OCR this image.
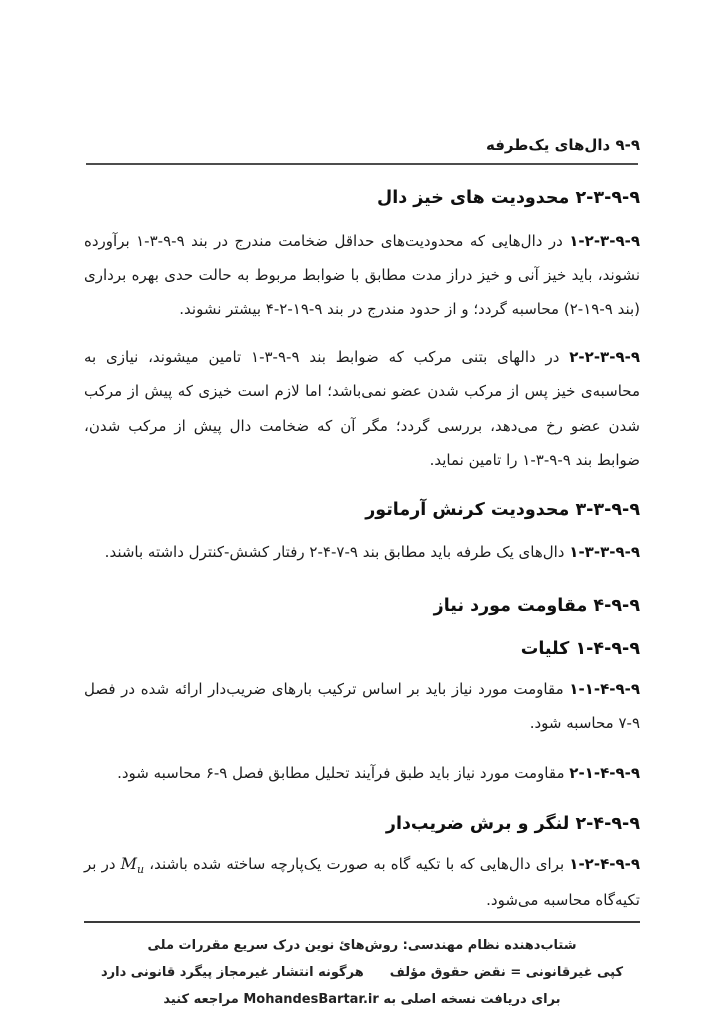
۹-‏۹ دال‌های یک‌طرفه
۹-‏۹-‏۳-‏۲ محدودیت های خیز دال

۹-‏۹-‏۳-‏۲-‏۱ در دال‌هایی که محدودیت‌های حداقل ضخامت مندرج در بند ۹-‏۹-‏۳-‏۱ برآورده نشوند، باید خیز آنی و خیز دراز مدت مطابق با ضوابط مربوط به حالت حدی بهره برداری (بند ۹-‏۱۹-‏۲) محاسبه گردد؛ و از حدود مندرج در بند ۹-‏۱۹-‏۲-‏۴ بیشتر نشوند.

۹-‏۹-‏۳-‏۲-‏۲ در دالهای بتنی مرکب که ضوابط بند ۹-‏۹-‏۳-‏۱ تامین میشوند، نیازی به محاسبه‌ی خیز پس از مرکب شدن عضو نمی‌باشد؛ اما لازم است خیزی که پیش از مرکب شدن عضو رخ می‌دهد، بررسی گردد؛ مگر آن که ضخامت دال پیش از مرکب شدن، ضوابط بند ۹-‏۹-‏۳-‏۱ را تامین نماید.

۹-‏۹-‏۳-‏۳ محدودیت کرنش آرماتور

۹-‏۹-‏۳-‏۳-‏۱ دال‌های یک طرفه باید مطابق بند ۹-‏۷-‏۴-‏۲ رفتار کشش-کنترل داشته باشند.

۹-‏۹-‏۴ مقاومت مورد نیاز
۹-‏۹-‏۴-‏۱ کلیات

۹-‏۹-‏۴-‏۱-‏۱ مقاومت مورد نیاز باید بر اساس ترکیب بارهای ضریب‌دار ارائه شده در فصل ۹-‏۷ محاسبه شود.

۹-‏۹-‏۴-‏۱-‏۲ مقاومت مورد نیاز باید طبق فرآیند تحلیل مطابق فصل ۹-‏۶ محاسبه شود.

۹-‏۹-‏۴-‏۲ لنگر و برش ضریب‌دار

۹-‏۹-‏۴-‏۲-‏۱ برای دال‌هایی که با تکیه گاه به صورت یک‌پارچه ساخته شده باشند، $M_u$ در بر تکیه‌گاه محاسبه می‌شود.

شتاب‌دهنده نظام مهندسی: روش‌هائ نوین درک سریع مقررات ملی
کپی غیرقانونی = نقض حقوق مؤلفهرگونه انتشار غیرمجاز پیگرد قانونی دارد
برای دریافت نسخه اصلی به MohandesBartar.ir مراجعه کنید
